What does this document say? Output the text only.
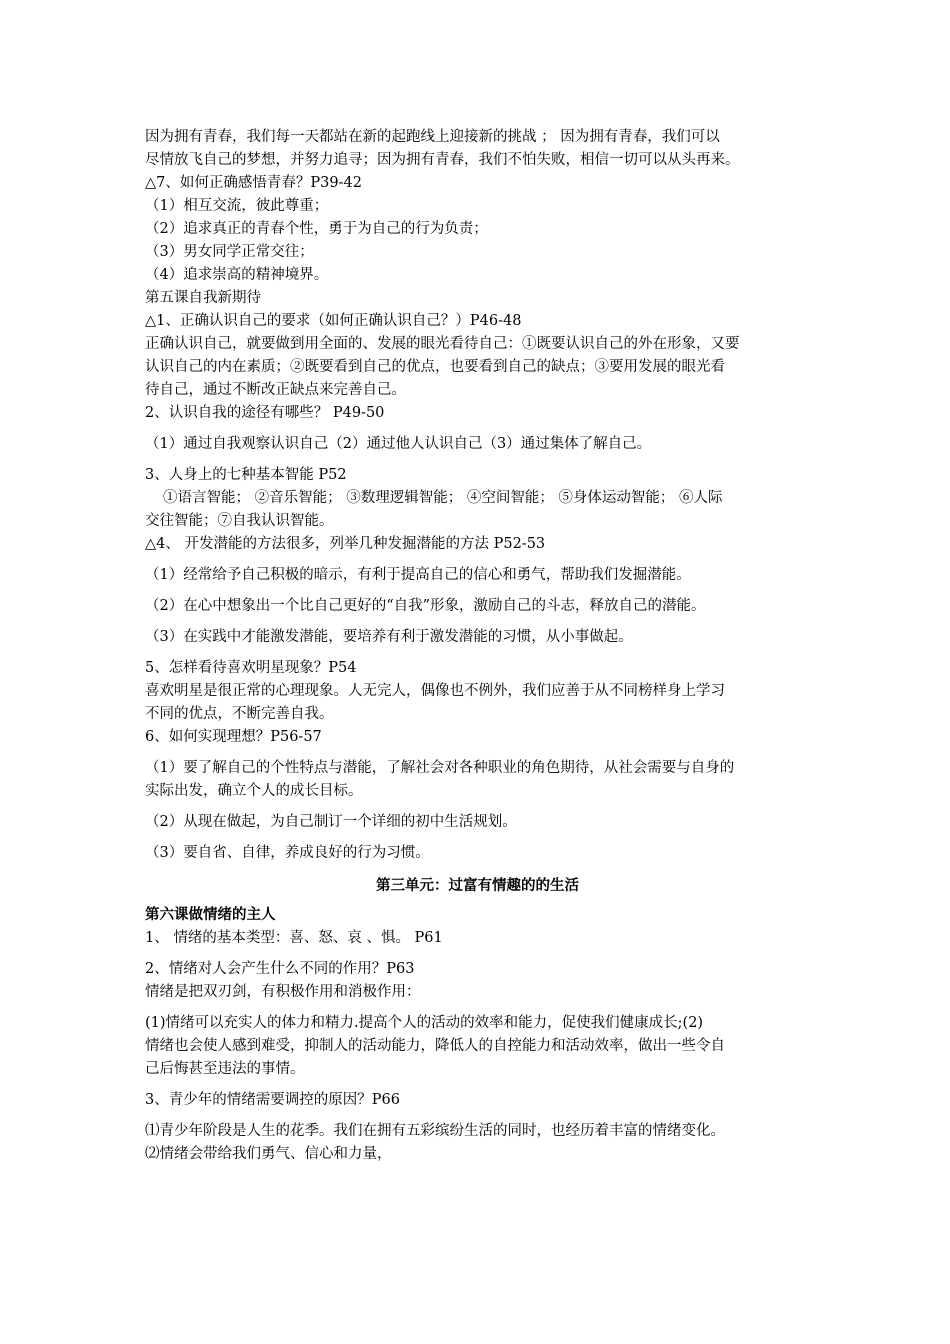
因为拥有青春，我们每一天都站在新的起跑线上迎接新的挑战 ； 因为拥有青春，我们可以

尽情放飞自己的梦想，并努力追寻；因为拥有青春，我们不怕失败，相信一切可以从头再来。

△7、如何正确感悟青春？P39-42

（1）相互交流，彼此尊重；

（2）追求真正的青春个性，勇于为自己的行为负责；

（3）男女同学正常交往；

（4）追求崇高的精神境界。

第五课自我新期待

△1、正确认识自己的要求（如何正确认识自己？）P46-48

正确认识自己，就要做到用全面的、发展的眼光看待自己：①既要认识自己的外在形象，又要

认识自己的内在素质；②既要看到自己的优点，也要看到自己的缺点；③要用发展的眼光看

待自己，通过不断改正缺点来完善自己。

2、认识自我的途径有哪些？ P49-50

（1）通过自我观察认识自己（2）通过他人认识自己（3）通过集体了解自己。

3、人身上的七种基本智能 P52

①语言智能； ②音乐智能； ③数理逻辑智能； ④空间智能； ⑤身体运动智能； ⑥人际

交往智能；⑦自我认识智能。

△4、 开发潜能的方法很多，列举几种发掘潜能的方法 P52-53

（1）经常给予自己积极的暗示，有利于提高自己的信心和勇气，帮助我们发掘潜能。

（2）在心中想象出一个比自己更好的“自我”形象，激励自己的斗志，释放自己的潜能。

（3）在实践中才能激发潜能，要培养有利于激发潜能的习惯，从小事做起。

5、怎样看待喜欢明星现象？P54

喜欢明星是很正常的心理现象。人无完人，偶像也不例外，我们应善于从不同榜样身上学习

不同的优点，不断完善自我。

6、如何实现理想？P56-57

（1）要了解自己的个性特点与潜能，了解社会对各种职业的角色期待，从社会需要与自身的

实际出发，确立个人的成长目标。

（2）从现在做起，为自己制订一个详细的初中生活规划。

（3）要自省、自律，养成良好的行为习惯。

第三单元：过富有情趣的的生活

第六课做情绪的主人

1、 情绪的基本类型：喜、怒、哀 、惧。 P61

2、情绪对人会产生什么不同的作用？P63

情绪是把双刃剑，有积极作用和消极作用：

(1)情绪可以充实人的体力和精力.提高个人的活动的效率和能力，促使我们健康成长;(2)

情绪也会使人感到难受，抑制人的活动能力，降低人的自控能力和活动效率，做出一些令自

己后悔甚至违法的事情。

3、青少年的情绪需要调控的原因？P66

⑴青少年阶段是人生的花季。我们在拥有五彩缤纷生活的同时，也经历着丰富的情绪变化。

⑵情绪会带给我们勇气、信心和力量，
